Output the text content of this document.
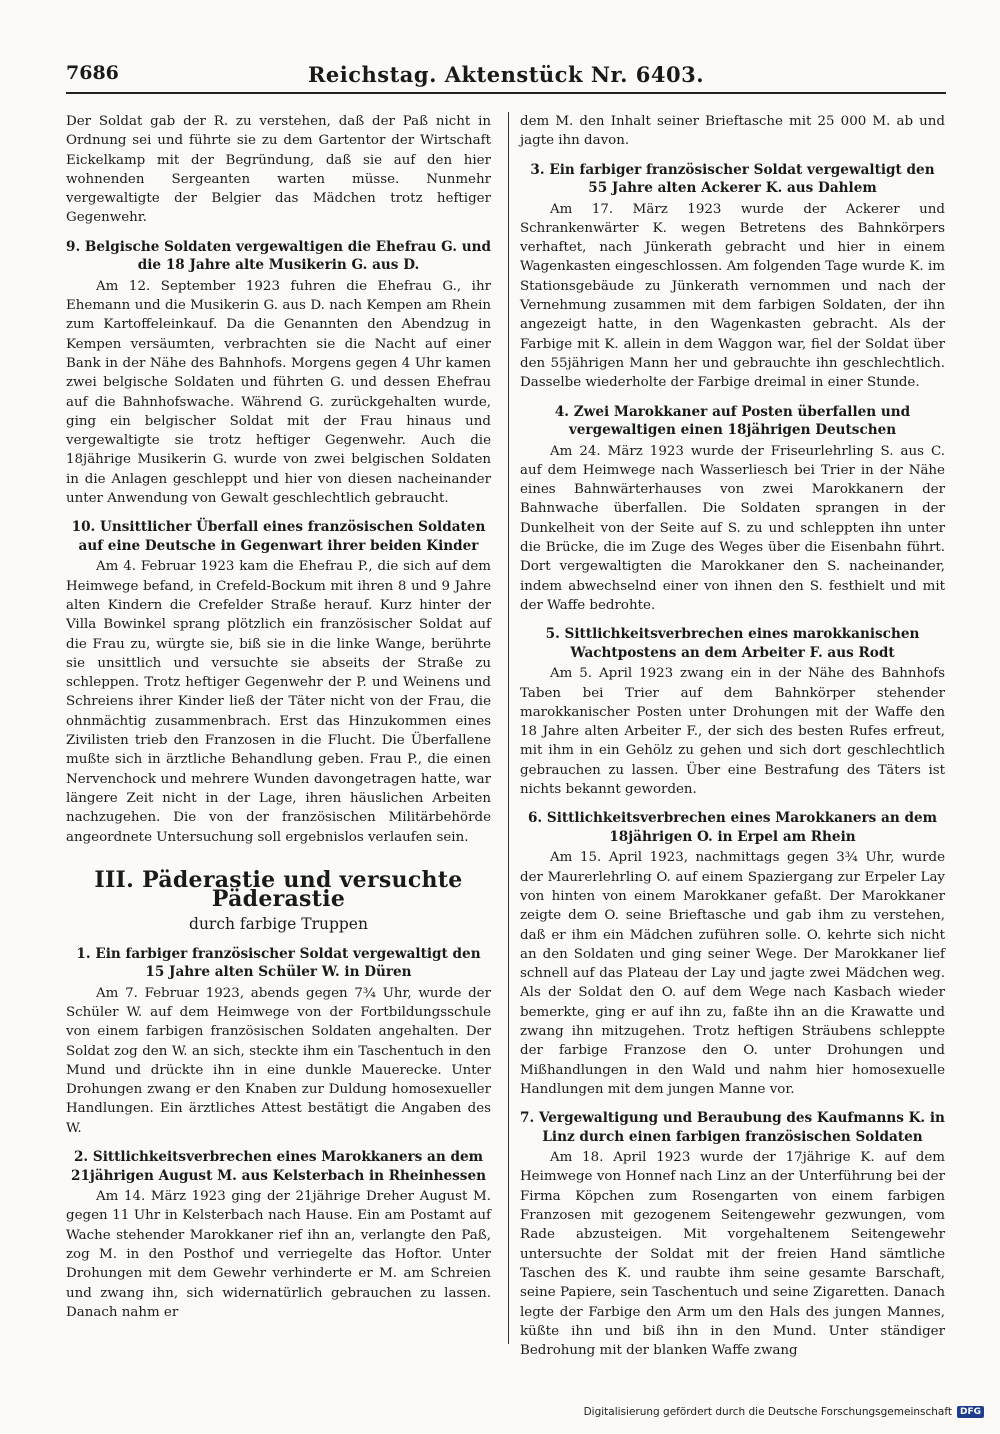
7686	Reichstag. Aktenstück Nr. 6403.

Der Soldat gab der R. zu verstehen, daß der Paß nicht in Ordnung sei und führte sie zu dem Gartentor der Wirtschaft Eickelkamp mit der Begründung, daß sie auf den hier wohnenden Sergeanten warten müsse. Nunmehr vergewaltigte der Belgier das Mädchen trotz heftiger Gegenwehr.

9. Belgische Soldaten vergewaltigen die Ehefrau G. und die 18 Jahre alte Musikerin G. aus D.

Am 12. September 1923 fuhren die Ehefrau G., ihr Ehemann und die Musikerin G. aus D. nach Kempen am Rhein zum Kartoffeleinkauf. Da die Genannten den Abendzug in Kempen versäumten, verbrachten sie die Nacht auf einer Bank in der Nähe des Bahnhofs. Morgens gegen 4 Uhr kamen zwei belgische Soldaten und führten G. und dessen Ehefrau auf die Bahnhofswache. Während G. zurückgehalten wurde, ging ein belgischer Soldat mit der Frau hinaus und vergewaltigte sie trotz heftiger Gegenwehr. Auch die 18jährige Musikerin G. wurde von zwei belgischen Soldaten in die Anlagen geschleppt und hier von diesen nacheinander unter Anwendung von Gewalt geschlechtlich gebraucht.

10. Unsittlicher Überfall eines französischen Soldaten auf eine Deutsche in Gegenwart ihrer beiden Kinder

Am 4. Februar 1923 kam die Ehefrau P., die sich auf dem Heimwege befand, in Crefeld-Bockum mit ihren 8 und 9 Jahre alten Kindern die Crefelder Straße herauf. Kurz hinter der Villa Bowinkel sprang plötzlich ein französischer Soldat auf die Frau zu, würgte sie, biß sie in die linke Wange, berührte sie unsittlich und versuchte sie abseits der Straße zu schleppen. Trotz heftiger Gegenwehr der P. und Weinens und Schreiens ihrer Kinder ließ der Täter nicht von der Frau, die ohnmächtig zusammenbrach. Erst das Hinzukommen eines Zivilisten trieb den Franzosen in die Flucht. Die Überfallene mußte sich in ärztliche Behandlung geben. Frau P., die einen Nervenchock und mehrere Wunden davongetragen hatte, war längere Zeit nicht in der Lage, ihren häuslichen Arbeiten nachzugehen. Die von der französischen Militärbehörde angeordnete Untersuchung soll ergebnislos verlaufen sein.

III. Päderastie und versuchte Päderastie
durch farbige Truppen
1. Ein farbiger französischer Soldat vergewaltigt den 15 Jahre alten Schüler W. in Düren

Am 7. Februar 1923, abends gegen 7¾ Uhr, wurde der Schüler W. auf dem Heimwege von der Fortbildungsschule von einem farbigen französischen Soldaten angehalten. Der Soldat zog den W. an sich, steckte ihm ein Taschentuch in den Mund und drückte ihn in eine dunkle Mauerecke. Unter Drohungen zwang er den Knaben zur Duldung homosexueller Handlungen. Ein ärztliches Attest bestätigt die Angaben des W.

2. Sittlichkeitsverbrechen eines Marokkaners an dem 21jährigen August M. aus Kelsterbach in Rheinhessen

Am 14. März 1923 ging der 21jährige Dreher August M. gegen 11 Uhr in Kelsterbach nach Hause. Ein am Postamt auf Wache stehender Marokkaner rief ihn an, verlangte den Paß, zog M. in den Posthof und verriegelte das Hoftor. Unter Drohungen mit dem Gewehr verhinderte er M. am Schreien und zwang ihn, sich widernatürlich gebrauchen zu lassen. Danach nahm er

dem M. den Inhalt seiner Brieftasche mit 25 000 M. ab und jagte ihn davon.

3. Ein farbiger französischer Soldat vergewaltigt den 55 Jahre alten Ackerer K. aus Dahlem

Am 17. März 1923 wurde der Ackerer und Schrankenwärter K. wegen Betretens des Bahnkörpers verhaftet, nach Jünkerath gebracht und hier in einem Wagenkasten eingeschlossen. Am folgenden Tage wurde K. im Stationsgebäude zu Jünkerath vernommen und nach der Vernehmung zusammen mit dem farbigen Soldaten, der ihn angezeigt hatte, in den Wagenkasten gebracht. Als der Farbige mit K. allein in dem Waggon war, fiel der Soldat über den 55jährigen Mann her und gebrauchte ihn geschlechtlich. Dasselbe wiederholte der Farbige dreimal in einer Stunde.

4. Zwei Marokkaner auf Posten überfallen und vergewaltigen einen 18jährigen Deutschen

Am 24. März 1923 wurde der Friseurlehrling S. aus C. auf dem Heimwege nach Wasserliesch bei Trier in der Nähe eines Bahnwärterhauses von zwei Marokkanern der Bahnwache überfallen. Die Soldaten sprangen in der Dunkelheit von der Seite auf S. zu und schleppten ihn unter die Brücke, die im Zuge des Weges über die Eisenbahn führt. Dort vergewaltigten die Marokkaner den S. nacheinander, indem abwechselnd einer von ihnen den S. festhielt und mit der Waffe bedrohte.

5. Sittlichkeitsverbrechen eines marokkanischen Wachtpostens an dem Arbeiter F. aus Rodt

Am 5. April 1923 zwang ein in der Nähe des Bahnhofs Taben bei Trier auf dem Bahnkörper stehender marokkanischer Posten unter Drohungen mit der Waffe den 18 Jahre alten Arbeiter F., der sich des besten Rufes erfreut, mit ihm in ein Gehölz zu gehen und sich dort geschlechtlich gebrauchen zu lassen. Über eine Bestrafung des Täters ist nichts bekannt geworden.

6. Sittlichkeitsverbrechen eines Marokkaners an dem 18jährigen O. in Erpel am Rhein

Am 15. April 1923, nachmittags gegen 3¾ Uhr, wurde der Maurerlehrling O. auf einem Spaziergang zur Erpeler Lay von hinten von einem Marokkaner gefaßt. Der Marokkaner zeigte dem O. seine Brieftasche und gab ihm zu verstehen, daß er ihm ein Mädchen zuführen solle. O. kehrte sich nicht an den Soldaten und ging seiner Wege. Der Marokkaner lief schnell auf das Plateau der Lay und jagte zwei Mädchen weg. Als der Soldat den O. auf dem Wege nach Kasbach wieder bemerkte, ging er auf ihn zu, faßte ihn an die Krawatte und zwang ihn mitzugehen. Trotz heftigen Sträubens schleppte der farbige Franzose den O. unter Drohungen und Mißhandlungen in den Wald und nahm hier homosexuelle Handlungen mit dem jungen Manne vor.

7. Vergewaltigung und Beraubung des Kaufmanns K. in Linz durch einen farbigen französischen Soldaten

Am 18. April 1923 wurde der 17jährige K. auf dem Heimwege von Honnef nach Linz an der Unterführung bei der Firma Köpchen zum Rosengarten von einem farbigen Franzosen mit gezogenem Seitengewehr gezwungen, vom Rade abzusteigen. Mit vorgehaltenem Seitengewehr untersuchte der Soldat mit der freien Hand sämtliche Taschen des K. und raubte ihm seine gesamte Barschaft, seine Papiere, sein Taschentuch und seine Zigaretten. Danach legte der Farbige den Arm um den Hals des jungen Mannes, küßte ihn und biß ihn in den Mund. Unter ständiger Bedrohung mit der blanken Waffe zwang

Digitalisierung gefördert durch die Deutsche Forschungsgemeinschaft DFG
